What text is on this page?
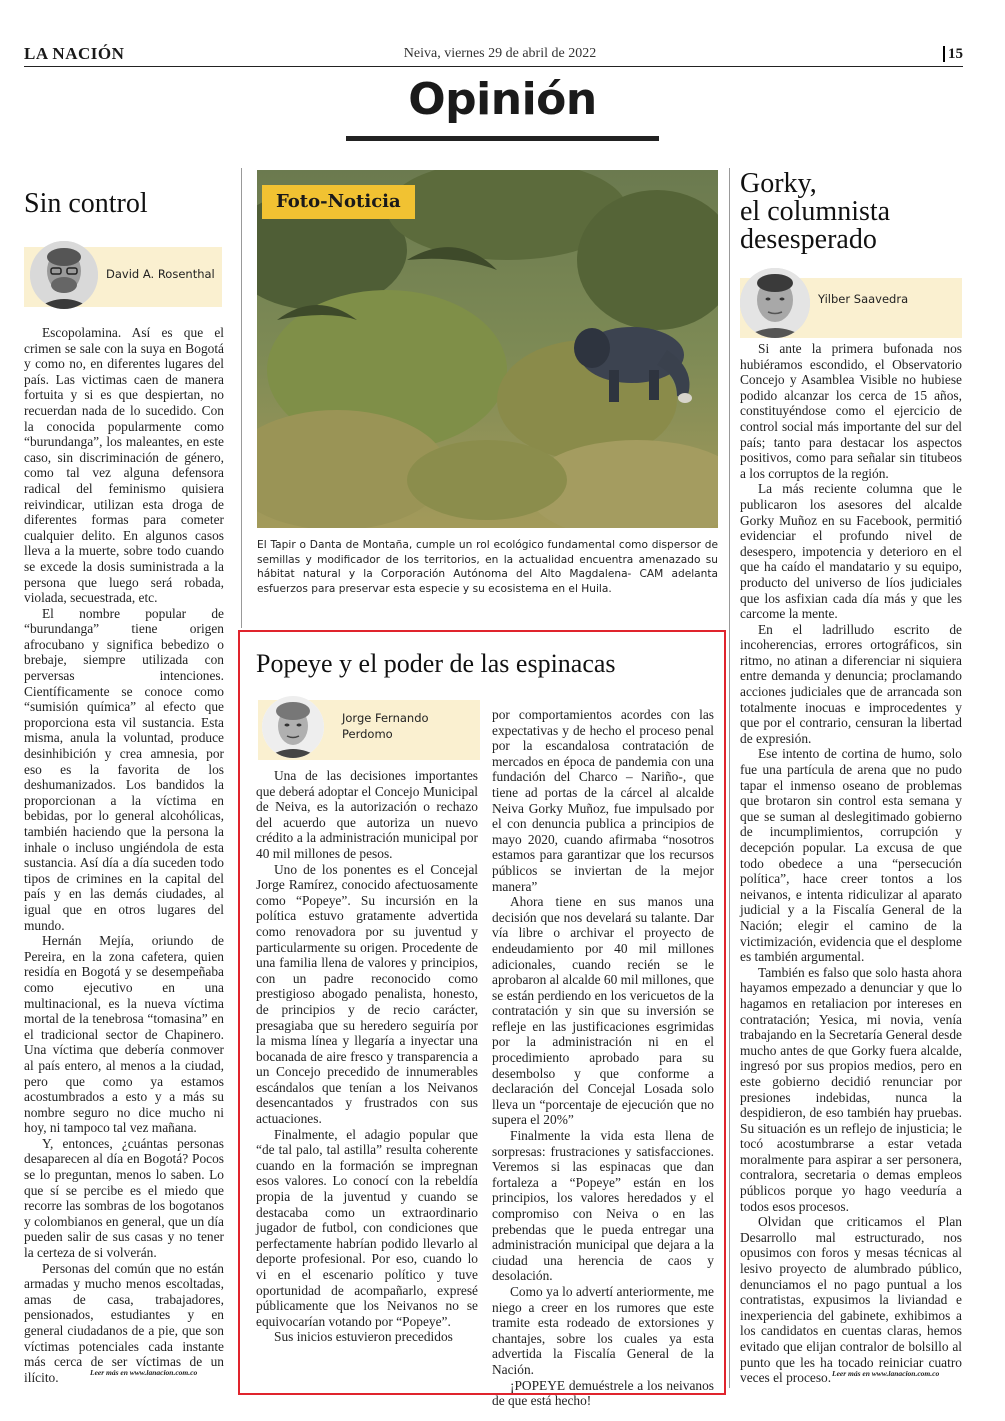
LA NACIÓN	Neiva, viernes 29 de abril de 2022	15
Opinión
Sin control
David A. Rosenthal

Escopolamina. Así es que el crimen se sale con la suya en Bogotá y como no, en diferentes lugares del país. Las victimas caen de manera fortuita y si es que despiertan, no recuerdan nada de lo sucedido. Con la conocida popularmente como “burundanga”, los maleantes, en este caso, sin discriminación de género, como tal vez alguna defensora radical del feminismo quisiera reivindicar, utilizan esta droga de diferentes formas para cometer cualquier delito. En algunos casos lleva a la muerte, sobre todo cuando se excede la dosis suministrada a la persona que luego será robada, violada, secuestrada, etc.

El nombre popular de “burundanga” tiene origen afrocubano y significa bebedizo o brebaje, siempre utilizada con perversas intenciones. Científicamente se conoce como “sumisión química” al efecto que proporciona esta vil sustancia. Esta misma, anula la voluntad, produce desinhibición y crea amnesia, por eso es la favorita de los deshumanizados. Los bandidos la proporcionan a la víctima en bebidas, por lo general alcohólicas, también haciendo que la persona la inhale o incluso ungiéndola de esta sustancia. Así día a día suceden todo tipos de crimines en la capital del país y en las demás ciudades, al igual que en otros lugares del mundo.

Hernán Mejía, oriundo de Pereira, en la zona cafetera, quien residía en Bogotá y se desempeñaba como ejecutivo en una multinacional, es la nueva víctima mortal de la tenebrosa “tomasina” en el tradicional sector de Chapinero. Una víctima que debería conmover al país entero, al menos a la ciudad, pero que como ya estamos acostumbrados a esto y a más su nombre seguro no dice mucho ni hoy, ni tampoco tal vez mañana.

Y, entonces, ¿cuántas personas desaparecen al día en Bogotá? Pocos se lo preguntan, menos lo saben. Lo que sí se percibe es el miedo que recorre las sombras de los bogotanos y colombianos en general, que un día pueden salir de sus casas y no tener la certeza de si volverán.

Personas del común que no están armadas y mucho menos escoltadas, amas de casa, trabajadores, pensionados, estudiantes y en general ciudadanos de a pie, que son víctimas potenciales cada instante más cerca de ser víctimas de un ilícito.	Leer más en www.lanacion.com.co
Foto-Noticia
El Tapir o Danta de Montaña, cumple un rol ecológico fundamental como dispersor de semillas y modificador de los territorios, en la actualidad encuentra amenazado su hábitat natural y la Corporación Autónoma del Alto Magdalena- CAM adelanta esfuerzos para preservar esta especie y su ecosistema en el Huila.
Popeye y el poder de las espinacas
Jorge Fernando Perdomo

Una de las decisiones importantes que deberá adoptar el Concejo Municipal de Neiva, es la autorización o rechazo del acuerdo que autoriza un nuevo crédito a la administración municipal por 40 mil millones de pesos.

Uno de los ponentes es el Concejal Jorge Ramírez, conocido afectuosamente como “Popeye”. Su incursión en la política estuvo gratamente advertida como renovadora por su juventud y particularmente su origen. Procedente de una familia llena de valores y principios, con un padre reconocido como prestigioso abogado penalista, honesto, de principios y de recio carácter, presagiaba que su heredero seguiría por la misma línea y llegaría a inyectar una bocanada de aire fresco y transparencia a un Concejo precedido de innumerables escándalos que tenían a los Neivanos desencantados y frustrados con sus actuaciones.

Finalmente, el adagio popular que “de tal palo, tal astilla” resulta coherente cuando en la formación se impregnan esos valores. Lo conocí con la rebeldía propia de la juventud y cuando se destacaba como un extraordinario jugador de futbol, con condiciones que perfectamente habrían podido llevarlo al deporte profesional. Por eso, cuando lo vi en el escenario político y tuve oportunidad de acompañarlo, expresé públicamente que los Neivanos no se equivocarían votando por “Popeye”.

Sus inicios estuvieron precedidos

por comportamientos acordes con las expectativas y de hecho el proceso penal por la escandalosa contratación de mercados en época de pandemia con una fundación del Charco – Nariño-, que tiene ad portas de la cárcel al alcalde Neiva Gorky Muñoz, fue impulsado por el con denuncia publica a principios de mayo 2020, cuando afirmaba “nosotros estamos para garantizar que los recursos públicos se inviertan de la mejor manera”

Ahora tiene en sus manos una decisión que nos develará su talante. Dar vía libre o archivar el proyecto de endeudamiento por 40 mil millones adicionales, cuando recién se le aprobaron al alcalde 60 mil millones, que se están perdiendo en los vericuetos de la contratación y sin que su inversión se refleje en las justificaciones esgrimidas por la administración ni en el procedimiento aprobado para su desembolso y que conforme a declaración del Concejal Losada solo lleva un “porcentaje de ejecución que no supera el 20%”

Finalmente la vida esta llena de sorpresas: frustraciones y satisfacciones. Veremos si las espinacas que dan fortaleza a “Popeye” están en los principios, los valores heredados y el compromiso con Neiva o en las prebendas que le pueda entregar una administración municipal que dejara a la ciudad una herencia de caos y desolación.

Como ya lo advertí anteriormente, me niego a creer en los rumores que este tramite esta rodeado de extorsiones y chantajes, sobre los cuales ya esta advertida la Fiscalía General de la Nación.

¡POPEYE demuéstrele a los neivanos de que está hecho!

Gorky,
el columnista
desesperado
Yilber Saavedra

Si ante la primera bufonada nos hubiéramos escondido, el Observatorio Concejo y Asamblea Visible no hubiese podido alcanzar los cerca de 15 años, constituyéndose como el ejercicio de control social más importante del sur del país; tanto para destacar los aspectos positivos, como para señalar sin titubeos a los corruptos de la región.

La más reciente columna que le publicaron los asesores del alcalde Gorky Muñoz en su Facebook, permitió evidenciar el profundo nivel de desespero, impotencia y deterioro en el que ha caído el mandatario y su equipo, producto del universo de líos judiciales que los asfixian cada día más y que les carcome la mente.

En el ladrilludo escrito de incoherencias, errores ortográficos, sin ritmo, no atinan a diferenciar ni siquiera entre demanda y denuncia; proclamando acciones judiciales que de arrancada son totalmente inocuas e improcedentes y que por el contrario, censuran la libertad de expresión.

Ese intento de cortina de humo, solo fue una partícula de arena que no pudo tapar el inmenso oseano de problemas que brotaron sin control esta semana y que se suman al deslegitimado gobierno de incumplimientos, corrupción y decepción popular. La excusa de que todo obedece a una “persecución política”, hace creer tontos a los neivanos, e intenta ridiculizar al aparato judicial y a la Fiscalía General de la Nación; elegir el camino de la victimización, evidencia que el desplome es también argumental.

También es falso que solo hasta ahora hayamos empezado a denunciar y que lo hagamos en retaliacion por intereses en contratación; Yesica, mi novia, venía trabajando en la Secretaría General desde mucho antes de que Gorky fuera alcalde, ingresó por sus propios medios, pero en este gobierno decidió renunciar por presiones indebidas, nunca la despidieron, de eso también hay pruebas. Su situación es un reflejo de injusticia; le tocó acostumbrarse a estar vetada moralmente para aspirar a ser personera, contralora, secretaria o demas empleos públicos porque yo hago veeduría a todos esos procesos.

Olvidan que criticamos el Plan Desarrollo mal estructurado, nos opusimos con foros y mesas técnicas al lesivo proyecto de alumbrado público, denunciamos el no pago puntual a los contratistas, expusimos la liviandad e inexperiencia del gabinete, exhibimos a los candidatos en cuentas claras, hemos evitado que elijan contralor de bolsillo al punto que les ha tocado reiniciar cuatro veces el proceso. Leer más en www.lanacion.com.co
